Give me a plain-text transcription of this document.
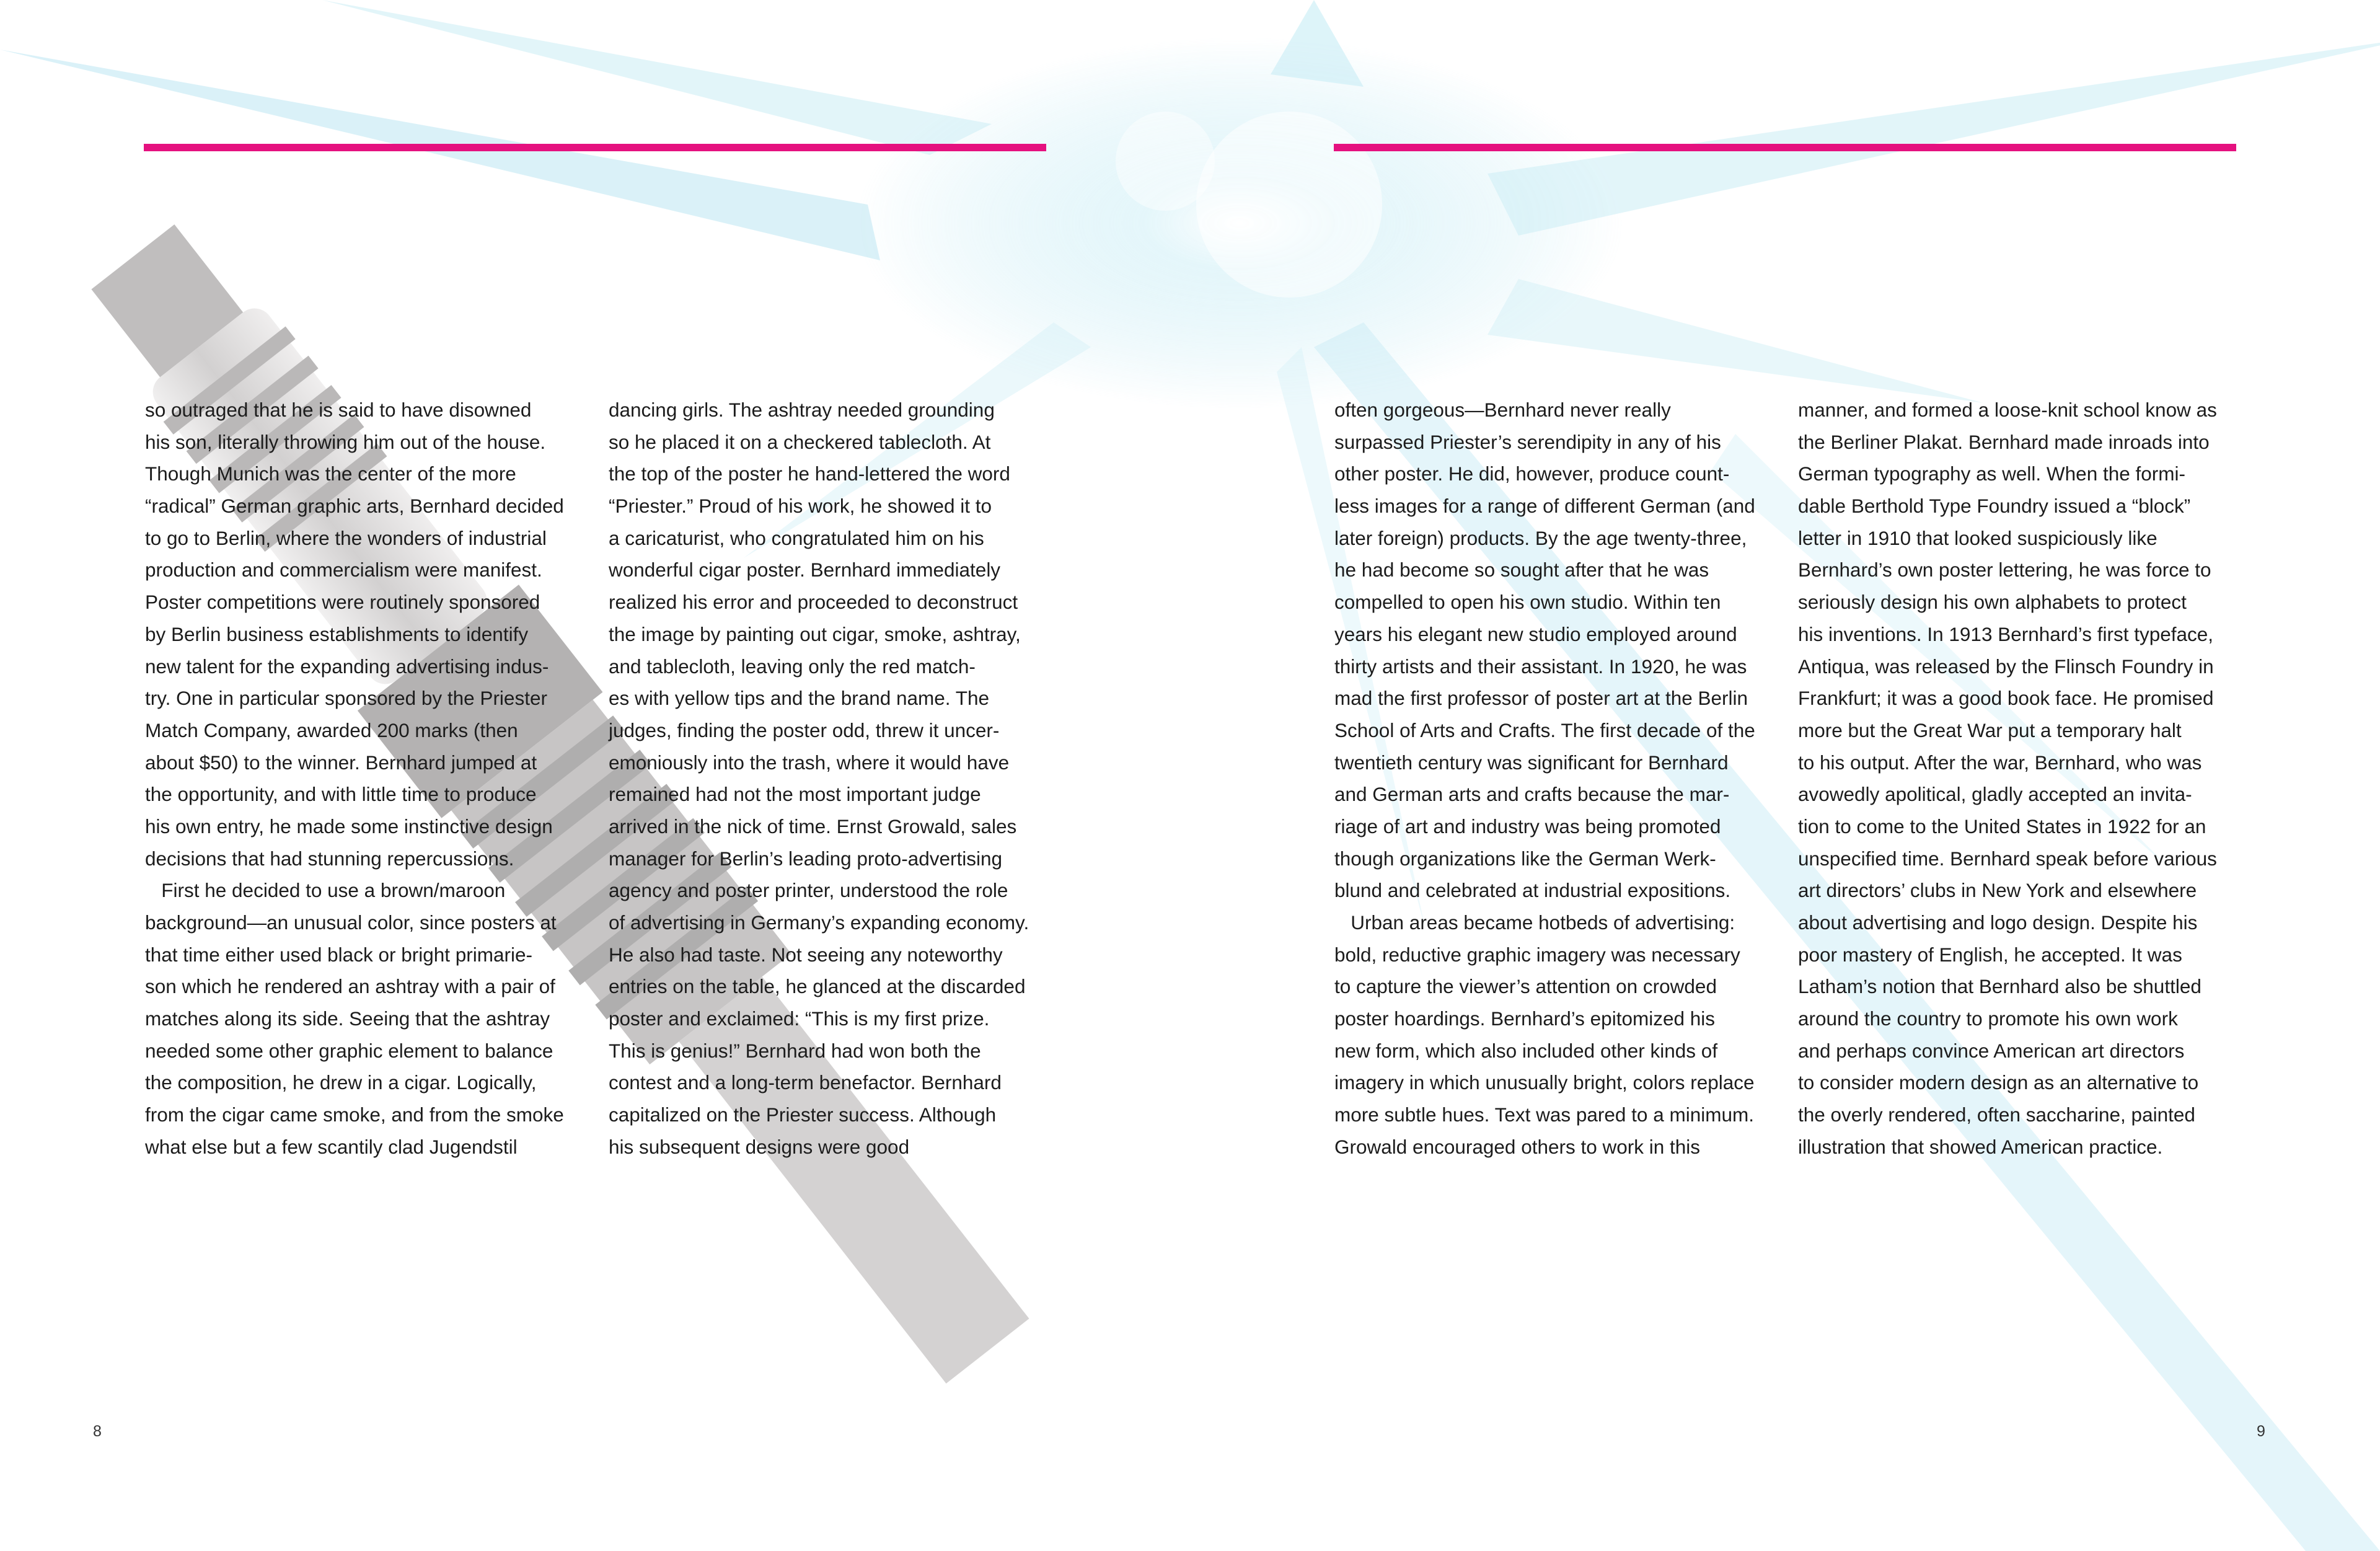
so outraged that he is said to have disowned
his son, literally throwing him out of the house.
Though Munich was the center of the more
“radical” German graphic arts, Bernhard decided
to go to Berlin, where the wonders of industrial
production and commercialism were manifest.
Poster competitions were routinely sponsored
by Berlin business establishments to identify
new talent for the expanding advertising indus-
try. One in particular sponsored by the Priester
Match Company, awarded 200 marks (then
about $50) to the winner. Bernhard jumped at
the opportunity, and with little time to produce
his own entry, he made some instinctive design
decisions that had stunning repercussions.
First he decided to use a brown/maroon
background—an unusual color, since posters at
that time either used black or bright primarie-
son which he rendered an ashtray with a pair of
matches along its side. Seeing that the ashtray
needed some other graphic element to balance
the composition, he drew in a cigar. Logically,
from the cigar came smoke, and from the smoke
what else but a few scantily clad Jugendstil
dancing girls. The ashtray needed grounding
so he placed it on a checkered tablecloth. At
the top of the poster he hand-lettered the word
“Priester.” Proud of his work, he showed it to
a caricaturist, who congratulated him on his
wonderful cigar poster. Bernhard immediately
realized his error and proceeded to deconstruct
the image by painting out cigar, smoke, ashtray,
and tablecloth, leaving only the red match-
es with yellow tips and the brand name. The
judges, finding the poster odd, threw it uncer-
emoniously into the trash, where it would have
remained had not the most important judge
arrived in the nick of time. Ernst Growald, sales
manager for Berlin’s leading proto-advertising
agency and poster printer, understood the role
of advertising in Germany’s expanding economy.
He also had taste. Not seeing any noteworthy
entries on the table, he glanced at the discarded
poster and exclaimed: “This is my first prize.
This is genius!” Bernhard had won both the
contest and a long-term benefactor. Bernhard
capitalized on the Priester success. Although
his subsequent designs were good
8
often gorgeous—Bernhard never really
surpassed Priester’s serendipity in any of his
other poster. He did, however, produce count-
less images for a range of different German (and
later foreign) products. By the age twenty-three,
he had become so sought after that he was
compelled to open his own studio. Within ten
years his elegant new studio employed around
thirty artists and their assistant. In 1920, he was
mad the first professor of poster art at the Berlin
School of Arts and Crafts. The first decade of the
twentieth century was significant for Bernhard
and German arts and crafts because the mar-
riage of art and industry was being promoted
though organizations like the German Werk-
blund and celebrated at industrial expositions.
Urban areas became hotbeds of advertising:
bold, reductive graphic imagery was necessary
to capture the viewer’s attention on crowded
poster hoardings. Bernhard’s epitomized his
new form, which also included other kinds of
imagery in which unusually bright, colors replace
more subtle hues. Text was pared to a minimum.
Growald encouraged others to work in this
manner, and formed a loose-knit school know as
the Berliner Plakat. Bernhard made inroads into
German typography as well. When the formi-
dable Berthold Type Foundry issued a “block”
letter in 1910 that looked suspiciously like
Bernhard’s own poster lettering, he was force to
seriously design his own alphabets to protect
his inventions. In 1913 Bernhard’s first typeface,
Antiqua, was released by the Flinsch Foundry in
Frankfurt; it was a good book face. He promised
more but the Great War put a temporary halt
to his output. After the war, Bernhard, who was
avowedly apolitical, gladly accepted an invita-
tion to come to the United States in 1922 for an
unspecified time. Bernhard speak before various
art directors’ clubs in New York and elsewhere
about advertising and logo design. Despite his
poor mastery of English, he accepted. It was
Latham’s notion that Bernhard also be shuttled
around the country to promote his own work
and perhaps convince American art directors
to consider modern design as an alternative to
the overly rendered, often saccharine, painted
illustration that showed American practice.
9
